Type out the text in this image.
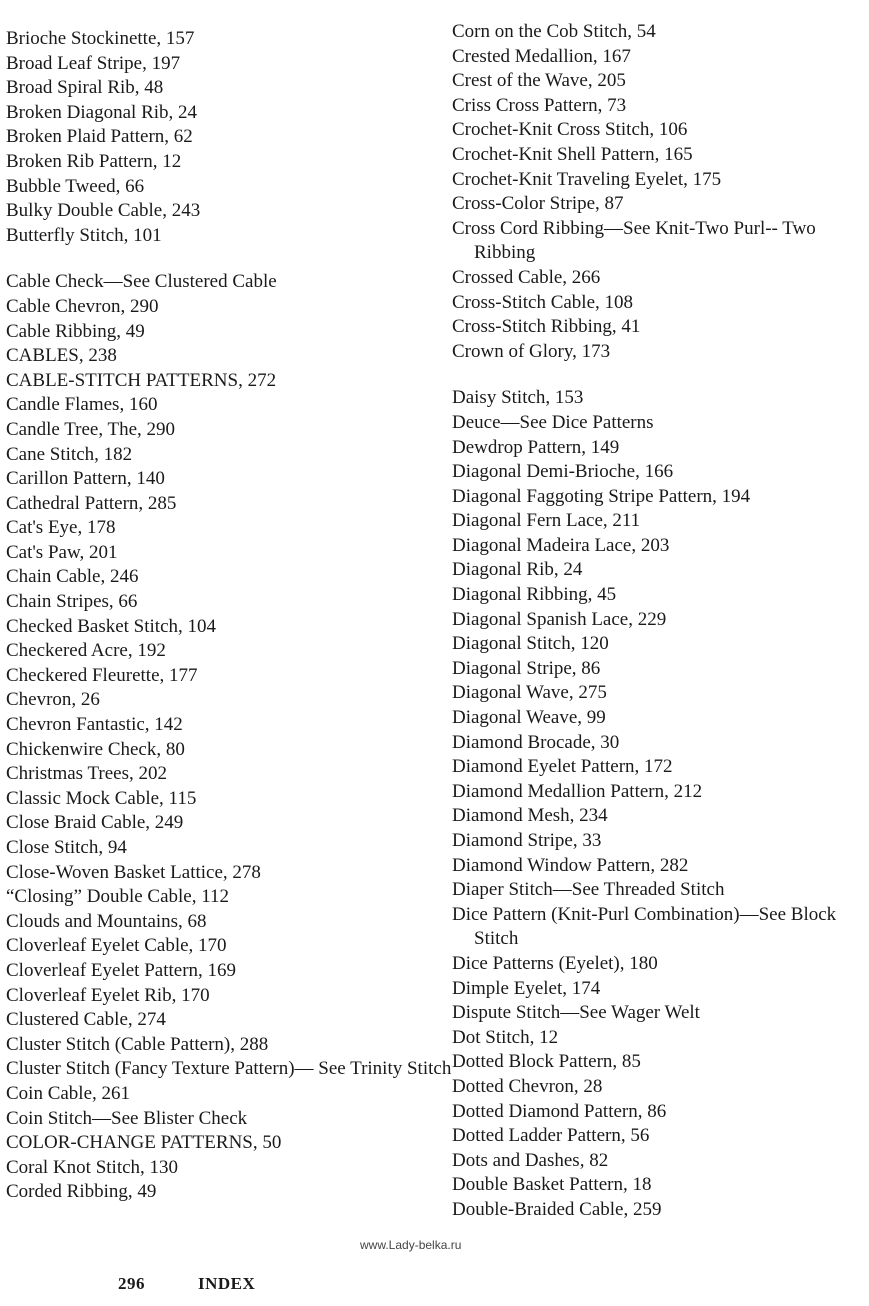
Brioche Stockinette, 157
Broad Leaf Stripe, 197
Broad Spiral Rib, 48
Broken Diagonal Rib, 24
Broken Plaid Pattern, 62
Broken Rib Pattern, 12
Bubble Tweed, 66
Bulky Double Cable, 243
Butterfly Stitch, 101
Cable Check—See Clustered Cable
Cable Chevron, 290
Cable Ribbing, 49
CABLES, 238
CABLE-STITCH PATTERNS, 272
Candle Flames, 160
Candle Tree, The, 290
Cane Stitch, 182
Carillon Pattern, 140
Cathedral Pattern, 285
Cat's Eye, 178
Cat's Paw, 201
Chain Cable, 246
Chain Stripes, 66
Checked Basket Stitch, 104
Checkered Acre, 192
Checkered Fleurette, 177
Chevron, 26
Chevron Fantastic, 142
Chickenwire Check, 80
Christmas Trees, 202
Classic Mock Cable, 115
Close Braid Cable, 249
Close Stitch, 94
Close-Woven Basket Lattice, 278
“Closing” Double Cable, 112
Clouds and Mountains, 68
Cloverleaf Eyelet Cable, 170
Cloverleaf Eyelet Pattern, 169
Cloverleaf Eyelet Rib, 170
Clustered Cable, 274
Cluster Stitch (Cable Pattern), 288
Cluster Stitch (Fancy Texture Pattern)— See Trinity Stitch
Coin Cable, 261
Coin Stitch—See Blister Check
COLOR-CHANGE PATTERNS, 50
Coral Knot Stitch, 130
Corded Ribbing, 49
Corn on the Cob Stitch, 54
Crested Medallion, 167
Crest of the Wave, 205
Criss Cross Pattern, 73
Crochet-Knit Cross Stitch, 106
Crochet-Knit Shell Pattern, 165
Crochet-Knit Traveling Eyelet, 175
Cross-Color Stripe, 87
Cross Cord Ribbing—See Knit-Two Purl-- Two Ribbing
Crossed Cable, 266
Cross-Stitch Cable, 108
Cross-Stitch Ribbing, 41
Crown of Glory, 173
Daisy Stitch, 153
Deuce—See Dice Patterns
Dewdrop Pattern, 149
Diagonal Demi-Brioche, 166
Diagonal Faggoting Stripe Pattern, 194
Diagonal Fern Lace, 211
Diagonal Madeira Lace, 203
Diagonal Rib, 24
Diagonal Ribbing, 45
Diagonal Spanish Lace, 229
Diagonal Stitch, 120
Diagonal Stripe, 86
Diagonal Wave, 275
Diagonal Weave, 99
Diamond Brocade, 30
Diamond Eyelet Pattern, 172
Diamond Medallion Pattern, 212
Diamond Mesh, 234
Diamond Stripe, 33
Diamond Window Pattern, 282
Diaper Stitch—See Threaded Stitch
Dice Pattern (Knit-Purl Combination)—See Block Stitch
Dice Patterns (Eyelet), 180
Dimple Eyelet, 174
Dispute Stitch—See Wager Welt
Dot Stitch, 12
Dotted Block Pattern, 85
Dotted Chevron, 28
Dotted Diamond Pattern, 86
Dotted Ladder Pattern, 56
Dots and Dashes, 82
Double Basket Pattern, 18
Double-Braided Cable, 259
www.Lady-belka.ru
296	INDEX
